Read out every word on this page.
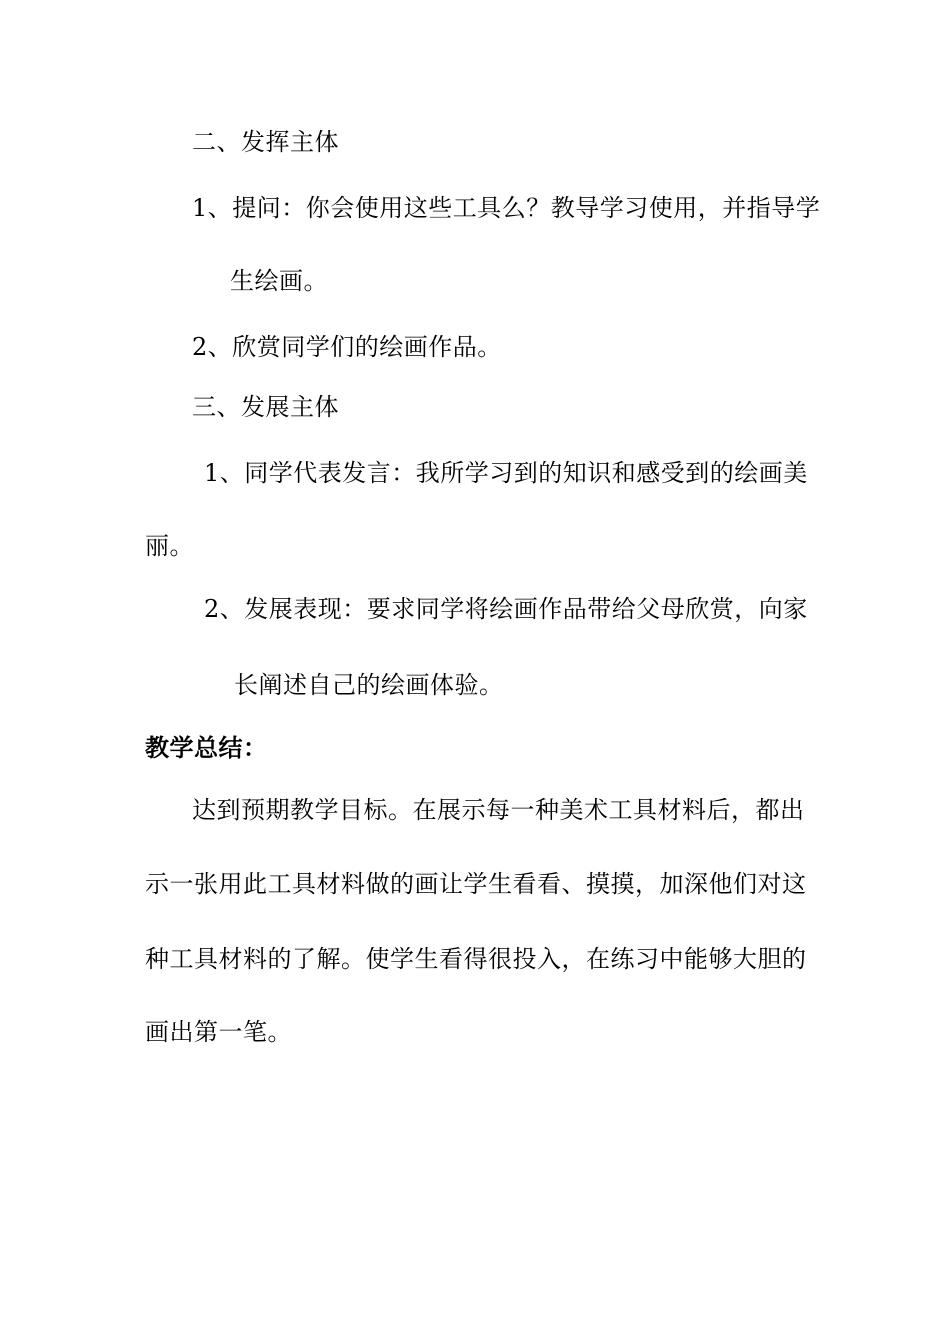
二、发挥主体
1、提问：你会使用这些工具么？教导学习使用，并指导学
生绘画。
2、欣赏同学们的绘画作品。
三、发展主体
1、同学代表发言：我所学习到的知识和感受到的绘画美
丽。
2、发展表现：要求同学将绘画作品带给父母欣赏，向家
长阐述自己的绘画体验。
教学总结：
达到预期教学目标。在展示每一种美术工具材料后，都出
示一张用此工具材料做的画让学生看看、摸摸，加深他们对这
种工具材料的了解。使学生看得很投入，在练习中能够大胆的
画出第一笔。
